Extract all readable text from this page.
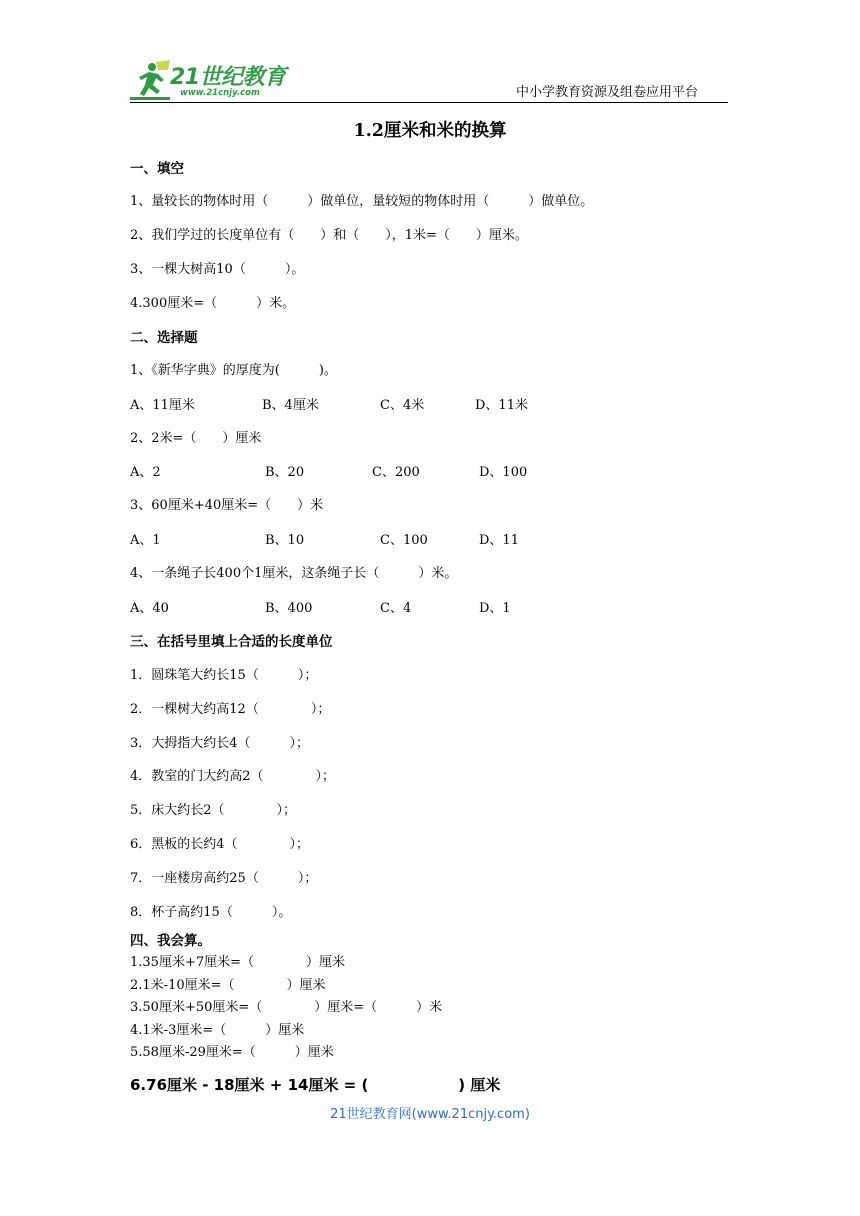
21世纪教育
www.21cnjy.com	中小学教育资源及组卷应用平台
1.2厘米和米的换算
一、填空
1、量较长的物体时用（　　　）做单位，量较短的物体时用（　　　）做单位。
2、我们学过的长度单位有（　　）和（　　），1米=（　　）厘米。
3、一棵大树高10（　　　）。
4.300厘米=（　　　）米。
二、选择题
1、《新华字典》的厚度为(　　　)。
A、11厘米	B、4厘米	C、4米	D、11米
2、2米=（　　）厘米
A、2	B、20	C、200	D、100
3、60厘米+40厘米=（　　）米
A、1	B、10	C、100	D、11
4、一条绳子长400个1厘米，这条绳子长（　　　）米。
A、40	B、400	C、4	D、1
三、在括号里填上合适的长度单位
1．圆珠笔大约长15（　　　）；
2．一棵树大约高12（　　　　）；
3．大拇指大约长4（　　　）；
4．教室的门大约高2（　　　　）；
5．床大约长2（　　　　）；
6．黑板的长约4（　　　　）；
7．一座楼房高约25（　　　）；
8．杯子高约15（　　　）。
四、我会算。
1.35厘米+7厘米=（　　　　）厘米
2.1米-10厘米=（　　　　）厘米
3.50厘米+50厘米=（　　　　）厘米=（　　　）米
4.1米-3厘米=（　　　）厘米
5.58厘米-29厘米=（　　　）厘米
6.76厘米 - 18厘米 + 14厘米 = (　　　　　　) 厘米
21世纪教育网(www.21cnjy.com)
